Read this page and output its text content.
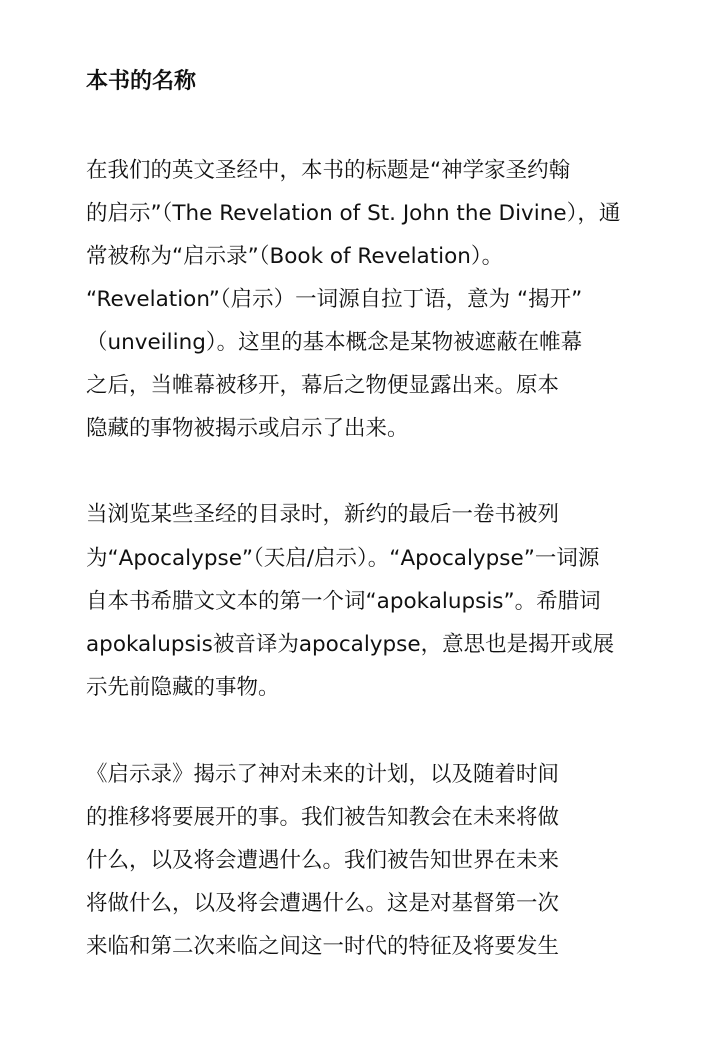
本书的名称
在我们的英文圣经中，本书的标题是“神学家圣约翰
的启示”（The Revelation of St. John the Divine），通
常被称为“启示录”（Book of Revelation）。
“Revelation”（启示）一词源自拉丁语，意为 “揭开”
（unveiling）。这里的基本概念是某物被遮蔽在帷幕
之后，当帷幕被移开，幕后之物便显露出来。原本
隐藏的事物被揭示或启示了出来。
当浏览某些圣经的目录时，新约的最后一卷书被列
为“Apocalypse”（天启/启示）。“Apocalypse”一词源
自本书希腊文文本的第一个词“apokalupsis”。希腊词
apokalupsis被音译为apocalypse，意思也是揭开或展
示先前隐藏的事物。
《启示录》揭示了神对未来的计划，以及随着时间
的推移将要展开的事。我们被告知教会在未来将做
什么，以及将会遭遇什么。我们被告知世界在未来
将做什么，以及将会遭遇什么。这是对基督第一次
来临和第二次来临之间这一时代的特征及将要发生
